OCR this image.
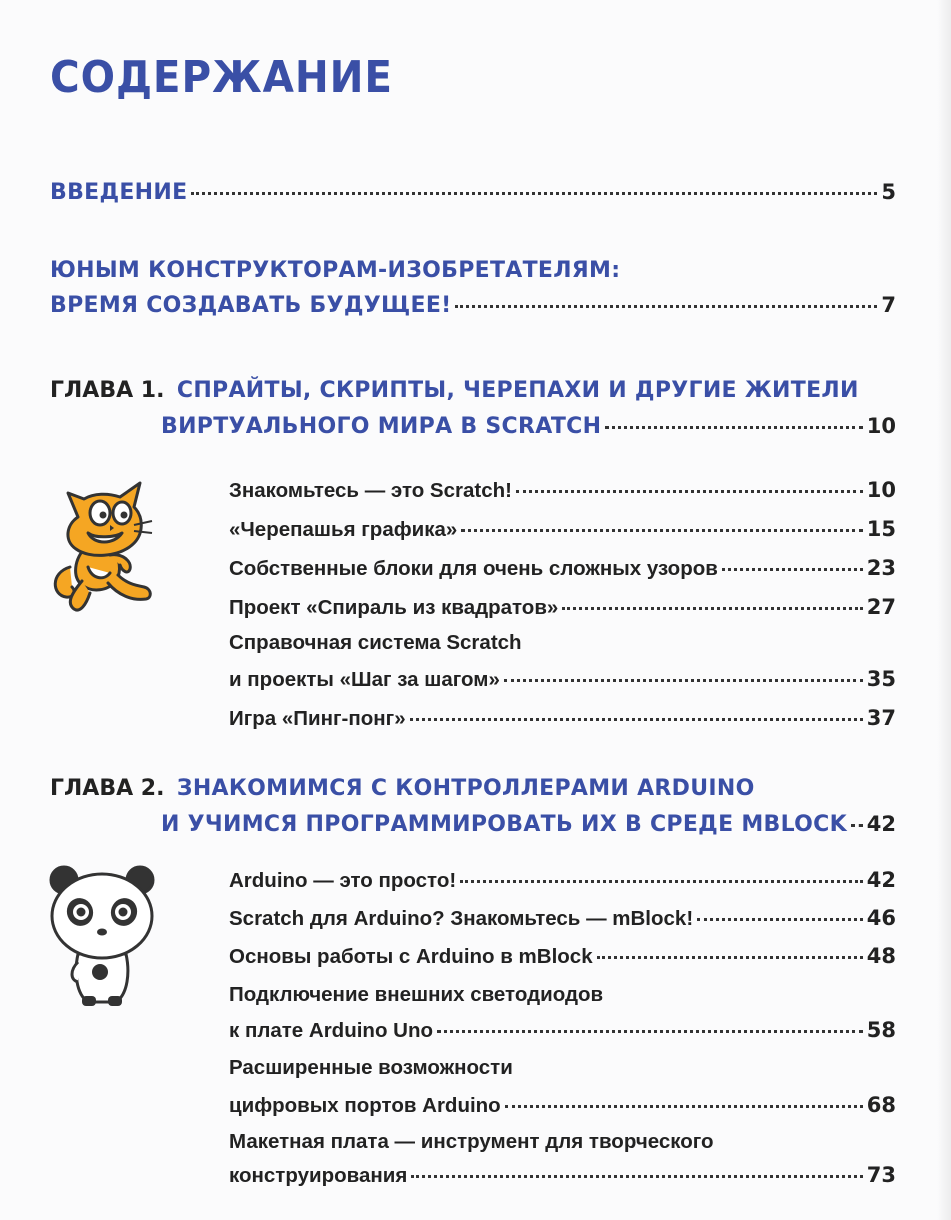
СОДЕРЖАНИЕ
ВВЕДЕНИЕ	5
ЮНЫМ КОНСТРУКТОРАМ-ИЗОБРЕТАТЕЛЯМ:
ВРЕМЯ СОЗДАВАТЬ БУДУЩЕЕ!	7
ГЛАВА 1. СПРАЙТЫ, СКРИПТЫ, ЧЕРЕПАХИ И ДРУГИЕ ЖИТЕЛИ
ВИРТУАЛЬНОГО МИРА В SCRATCH	10
Знакомьтесь — это Scratch!	10
«Черепашья графика»	15
Собственные блоки для очень сложных узоров	23
Проект «Спираль из квадратов»	27
Справочная система Scratch
и проекты «Шаг за шагом»	35
Игра «Пинг-понг»	37
ГЛАВА 2. ЗНАКОМИМСЯ С КОНТРОЛЛЕРАМИ ARDUINO
И УЧИМСЯ ПРОГРАММИРОВАТЬ ИХ В СРЕДЕ MBLOCK 42
Arduino — это просто!	42
Scratch для Arduino? Знакомьтесь — mBlock!	46
Основы работы с Arduino в mBlock	48
Подключение внешних светодиодов
к плате Arduino Uno	58
Расширенные возможности
цифровых портов Arduino	68
Макетная плата — инструмент для творческого
конструирования	73
